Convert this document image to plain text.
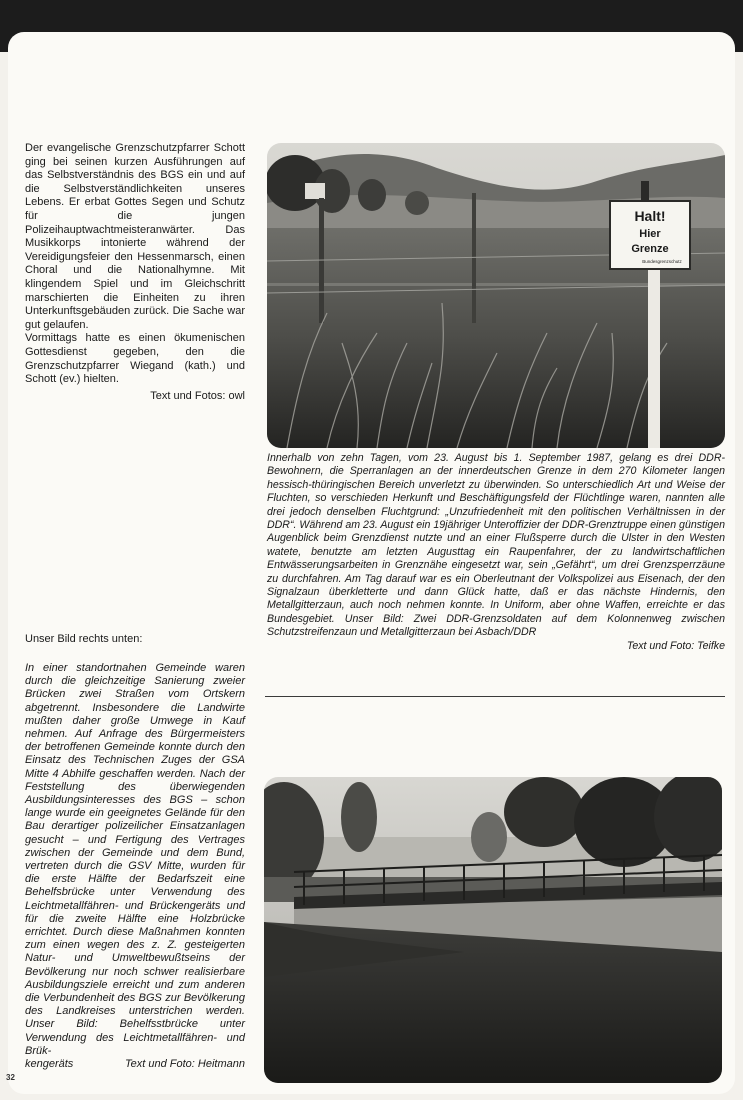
Der evangelische Grenzschutzpfarrer Schott ging bei seinen kurzen Ausführungen auf das Selbstverständnis des BGS ein und auf die Selbstverständlichkeiten unseres Lebens. Er erbat Gottes Segen und Schutz für die jungen Polizeihauptwachtmeisteranwärter. Das Musikkorps intonierte während der Vereidigungsfeier den Hessenmarsch, einen Choral und die Nationalhymne. Mit klingendem Spiel und im Gleichschritt marschierten die Einheiten zu ihren Unterkunftsgebäuden zurück. Die Sache war gut gelaufen.

Vormittags hatte es einen ökumenischen Gottesdienst gegeben, den die Grenzschutzpfarrer Wiegand (kath.) und Schott (ev.) hielten.

Text und Fotos: owl

Unser Bild rechts unten:

In einer standortnahen Gemeinde waren durch die gleichzeitige Sanierung zweier Brücken zwei Straßen vom Ortskern abgetrennt. Insbesondere die Landwirte mußten daher große Umwege in Kauf nehmen. Auf Anfrage des Bürgermeisters der betroffenen Gemeinde konnte durch den Einsatz des Technischen Zuges der GSA Mitte 4 Abhilfe geschaffen werden. Nach der Feststellung des überwiegenden Ausbildungsinteresses des BGS – schon lange wurde ein geeignetes Gelände für den Bau derartiger polizeilicher Einsatzanlagen gesucht – und Fertigung des Vertrages zwischen der Gemeinde und dem Bund, vertreten durch die GSV Mitte, wurden für die erste Hälfte der Bedarfszeit eine Behelfsbrücke unter Verwendung des Leichtmetallfähren- und Brückengeräts und für die zweite Hälfte eine Holzbrücke errichtet. Durch diese Maßnahmen konnten zum einen wegen des z. Z. gesteigerten Natur- und Umweltbewußtseins der Bevölkerung nur noch schwer realisierbare Ausbildungsziele erreicht und zum anderen die Verbundenheit des BGS zur Bevölkerung des Landkreises unterstrichen werden. Unser Bild: Behelfsstbrücke unter Verwendung des Leichtmetallfähren- und Brük-

kengeräts	Text und Foto: Heitmann

Halt!
Hier
Grenze
Bundesgrenzschutz
Innerhalb von zehn Tagen, vom 23. August bis 1. September 1987, gelang es drei DDR-Bewohnern, die Sperranlagen an der innerdeutschen Grenze in dem 270 Kilometer langen hessisch-thüringischen Bereich unverletzt zu überwinden. So unterschiedlich Art und Weise der Fluchten, so verschieden Herkunft und Beschäftigungsfeld der Flüchtlinge waren, nannten alle drei jedoch denselben Fluchtgrund: „Unzufriedenheit mit den politischen Verhältnissen in der DDR“. Während am 23. August ein 19jähriger Unteroffizier der DDR-Grenztruppe einen günstigen Augenblick beim Grenzdienst nutzte und an einer Flußsperre durch die Ulster in den Westen watete, benutzte am letzten Augusttag ein Raupenfahrer, der zu landwirtschaftlichen Entwässerungsarbeiten in Grenznähe eingesetzt war, sein „Gefährt“, um drei Grenzsperrzäune zu durchfahren. Am Tag darauf war es ein Oberleutnant der Volkspolizei aus Eisenach, der den Signalzaun überkletterte und dann Glück hatte, daß er das nächste Hindernis, den Metallgitterzaun, auch noch nehmen konnte. In Uniform, aber ohne Waffen, erreichte er das Bundesgebiet. Unser Bild: Zwei DDR-Grenzsoldaten auf dem Kolonnenweg zwischen Schutzstreifenzaun und Metallgitterzaun bei Asbach/DDR
Text und Foto: Teifke
32
